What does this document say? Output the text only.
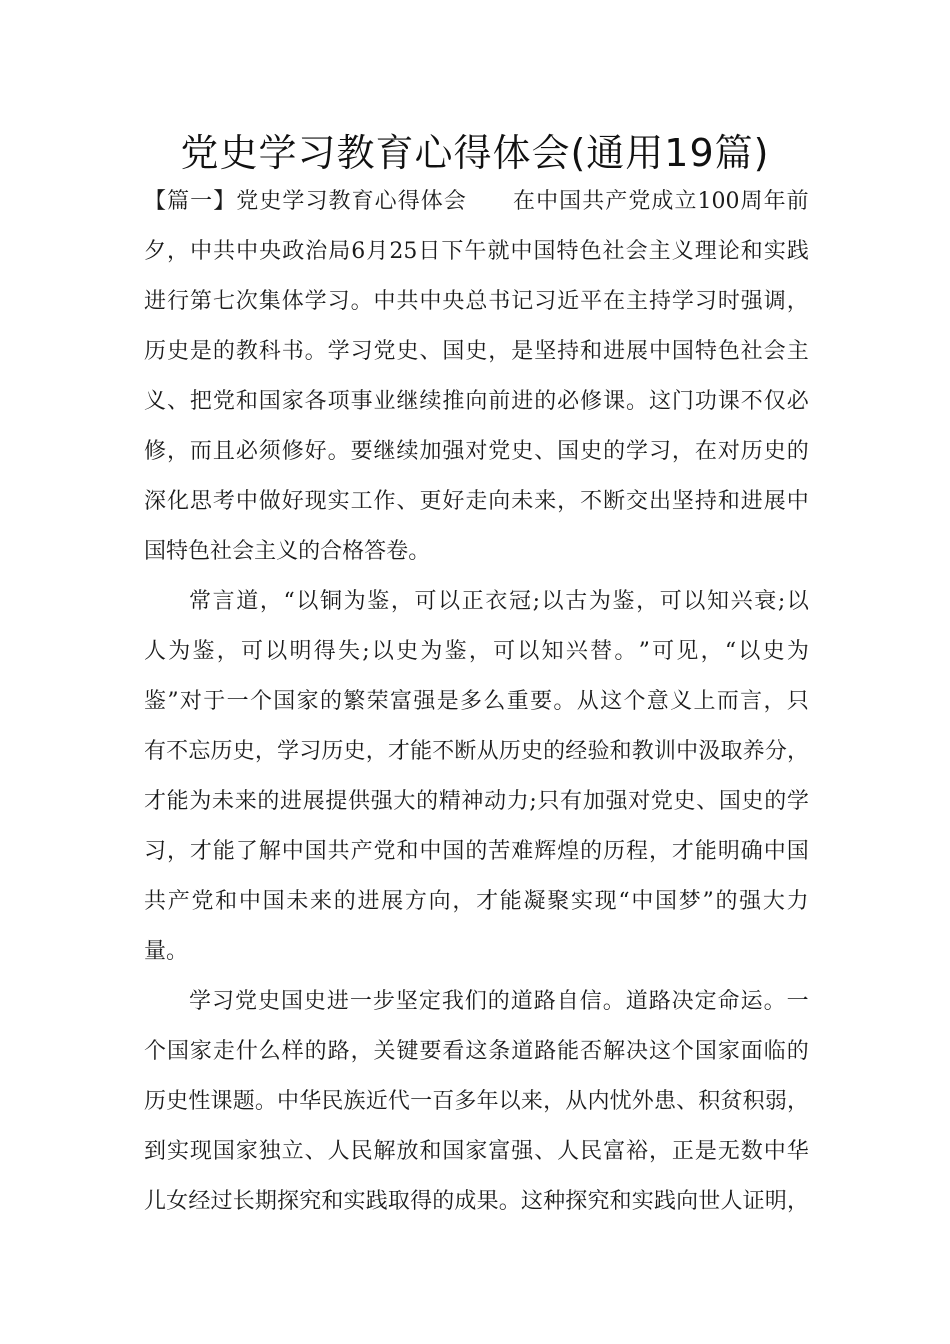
党史学习教育心得体会(通用19篇)
【 篇 一 】 党 史 学 习 教 育 心 得 体 会

　 在 中 国 共 产 党 成 立 100 周 年 前
夕 ， 中 共 中 央 政 治 局 6 月 25 日 下 午 就 中 国 特 色 社 会 主 义 理 论 和 实 践
进 行 第 七 次 集 体 学 习 。 中 共 中 央 总 书 记 习 近 平 在 主 持 学 习 时 强 调 ，
历 史 是 的 教 科 书 。 学 习 党 史 、 国 史 ， 是 坚 持 和 进 展 中 国 特 色 社 会 主
义 、 把 党 和 国 家 各 项 事 业 继 续 推 向 前 进 的 必 修 课 。 这 门 功 课 不 仅 必
修 ， 而 且 必 须 修 好 。 要 继 续 加 强 对 党 史 、 国 史 的 学 习 ， 在 对 历 史 的
深 化 思 考 中 做 好 现 实 工 作 、 更 好 走 向 未 来 ， 不 断 交 出 坚 持 和 进 展 中
国 特 色 社 会 主 义 的 合 格 答 卷 。
常 言 道 ， “ 以 铜 为 鉴 ， 可 以 正 衣 冠 ; 以 古 为 鉴 ， 可 以 知 兴 衰 ; 以
人 为 鉴 ， 可 以 明 得 失 ; 以 史 为 鉴 ， 可 以 知 兴 替 。 ” 可 见 ， “ 以 史 为
鉴 ” 对 于 一 个 国 家 的 繁 荣 富 强 是 多 么 重 要 。 从 这 个 意 义 上 而 言 ， 只
有 不 忘 历 史 ， 学 习 历 史 ， 才 能 不 断 从 历 史 的 经 验 和 教 训 中 汲 取 养 分 ，
才 能 为 未 来 的 进 展 提 供 强 大 的 精 神 动 力 ; 只 有 加 强 对 党 史 、 国 史 的 学
习 ， 才 能 了 解 中 国 共 产 党 和 中 国 的 苦 难 辉 煌 的 历 程 ， 才 能 明 确 中 国
共 产 党 和 中 国 未 来 的 进 展 方 向 ， 才 能 凝 聚 实 现 “ 中 国 梦 ” 的 强 大 力
量 。
学 习 党 史 国 史 进 一 步 坚 定 我 们 的 道 路 自 信 。 道 路 决 定 命 运 。 一
个 国 家 走 什 么 样 的 路 ， 关 键 要 看 这 条 道 路 能 否 解 决 这 个 国 家 面 临 的
历 史 性 课 题 。 中 华 民 族 近 代 一 百 多 年 以 来 ， 从 内 忧 外 患 、 积 贫 积 弱 ，
到 实 现 国 家 独 立 、 人 民 解 放 和 国 家 富 强 、 人 民 富 裕 ， 正 是 无 数 中 华
儿 女 经 过 长 期 探 究 和 实 践 取 得 的 成 果 。 这 种 探 究 和 实 践 向 世 人 证 明 ，
